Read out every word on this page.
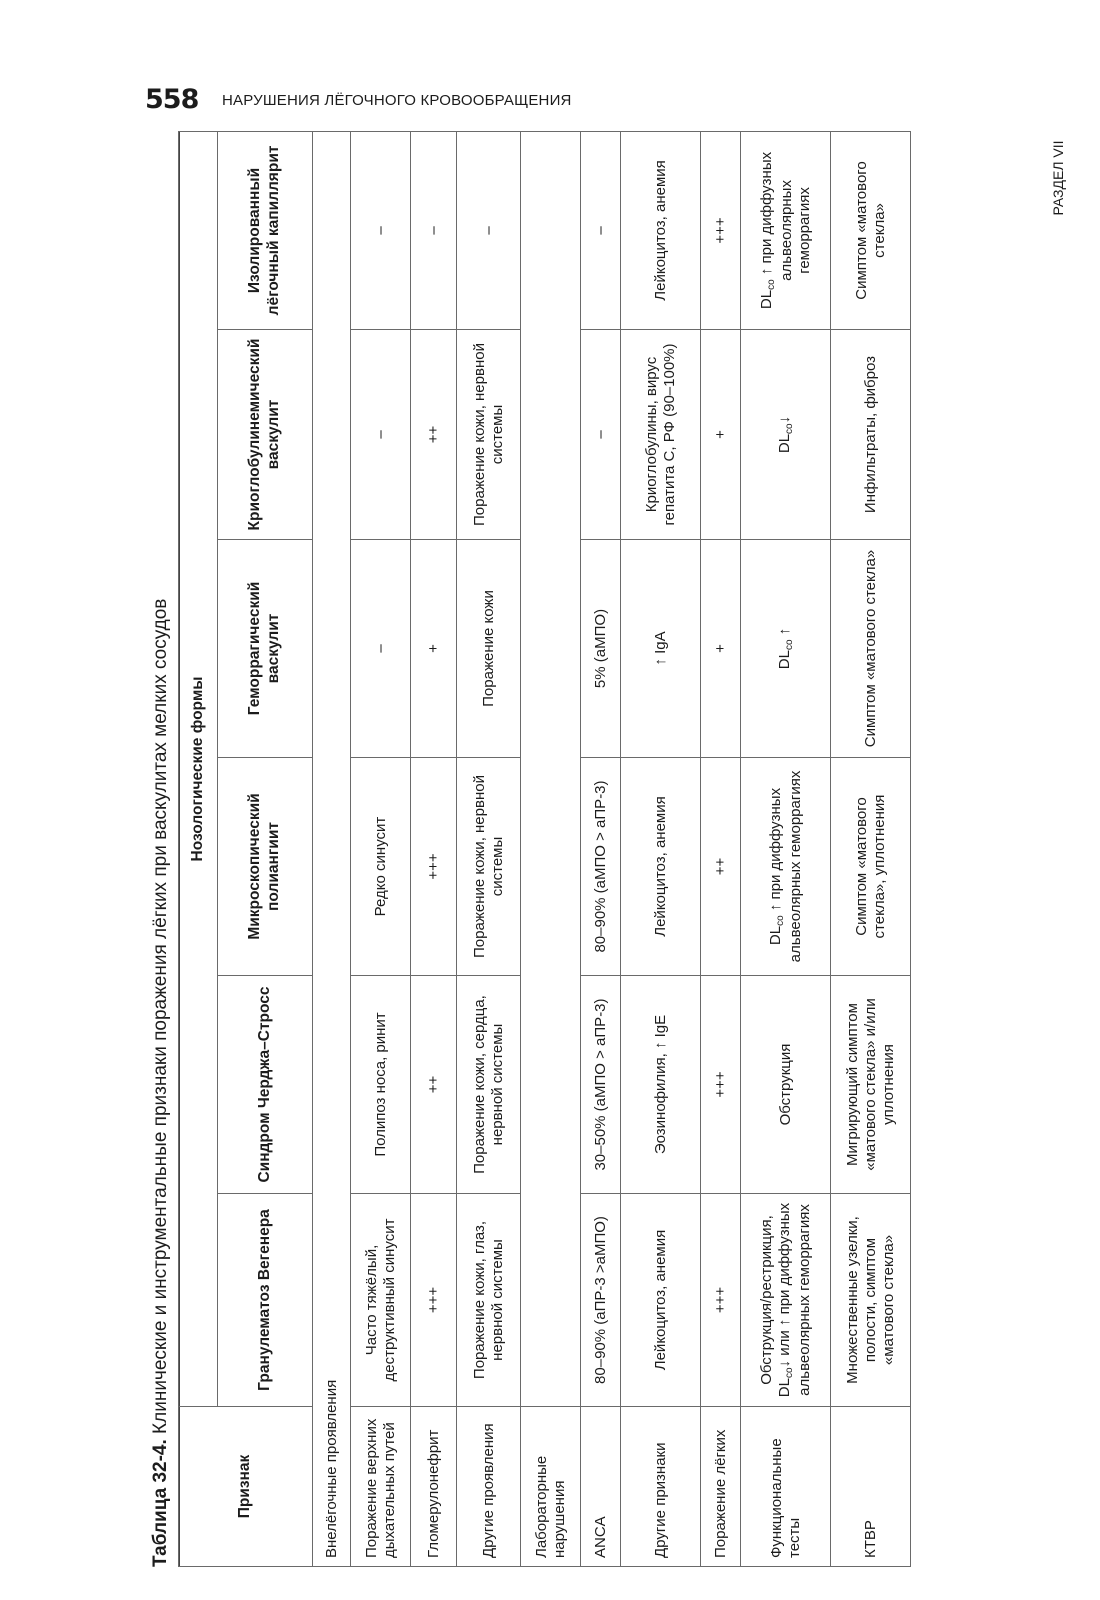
558 НАРУШЕНИЯ ЛЁГОЧНОГО КРОВООБРАЩЕНИЯ
РАЗДЕЛ VII
Таблица 32-4. Клинические и инструментальные признаки поражения лёгких при васкулитах мелких сосудов
Признак	Нозологические формы					
	Гранулематоз Вегенера	Синдром Черджа–Стросс	Микроскопический полиангиит	Геморрагический васкулит	Криоглобулинемический васкулит	Изолированный лёгочный капиллярит
Внелёгочные проявления						
Поражение верхних дыхательных путей	Часто тяжёлый, деструктивный синусит	Полипоз носа, ринит	Редко синусит	–	–	–
Гломерулонефрит	+++	++	+++	+	++	–
Другие проявления	Поражение кожи, глаз, нервной системы	Поражение кожи, сердца, нервной системы	Поражение кожи, нервной системы	Поражение кожи	Поражение кожи, нервной системы	–
Лабораторные нарушения						
ANCA	80–90% (аПР-3 >аМПО)	30–50% (аМПО > аПР-3)	80–90% (аМПО > аПР-3)	5% (аМПО)	–	–
Другие признаки	Лейкоцитоз, анемия	Эозинофилия, ↑ IgE	Лейкоцитоз, анемия	↑ IgA	Криоглобулины, вирус гепатита С, РФ (90–100%)	Лейкоцитоз, анемия
Поражение лёгких	+++	+++	++	+	+	+++
Функциональные тесты	Обструкция/рестрикция, $DL_{co}↓$ или ↑ при диффузных альвеолярных геморрагиях	Обструкция	$DL_{co}$ ↑ при диффузных альвеолярных геморрагиях	$DL_{co}$ ↑	$DL_{co}↓$	$DL_{co}$ ↑ при диффузных альвеолярных геморрагиях
КТВР	Множественные узелки, полости, симптом «матового стекла»	Мигрирующий симптом «матового стекла» и/или уплотнения	Симптом «матового стекла», уплотнения	Симптом «матового стекла»	Инфильтраты, фиброз	Симптом «матового стекла»
